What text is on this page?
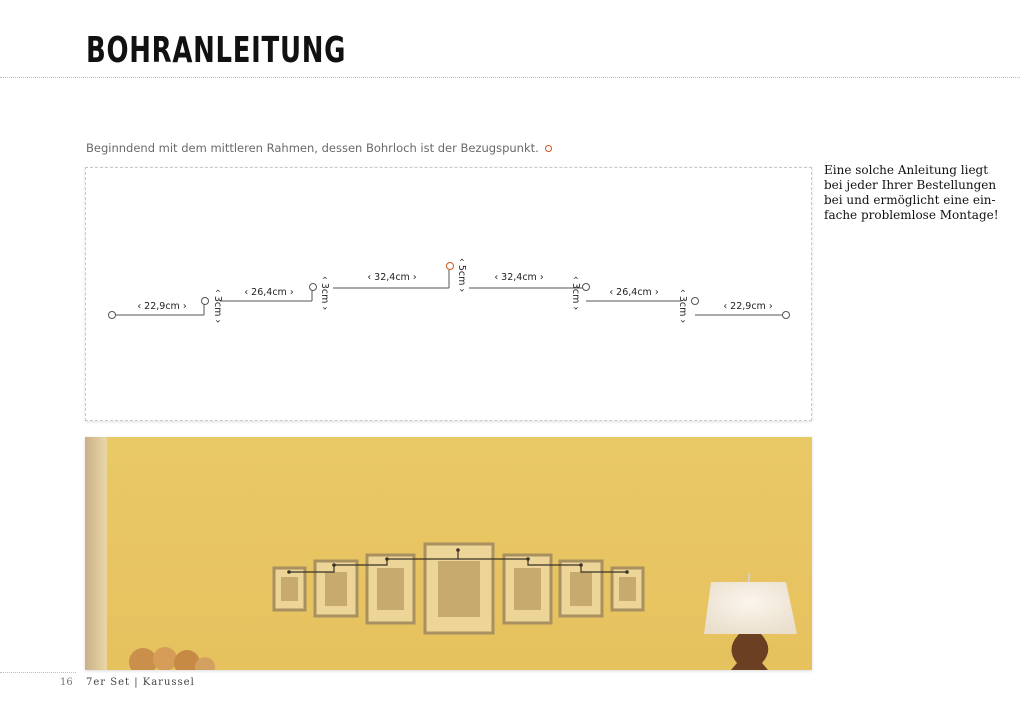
BOHRANLEITUNG
Beginndend mit dem mittleren Rahmen, dessen Bohrloch ist der Bezugspunkt.
‹ 22,9cm ›
‹ 26,4cm ›
‹ 32,4cm ›	‹ 32,4cm ›
‹ 26,4cm ›
‹ 22,9cm ›
‹ 3cm ›	‹ 3cm ›
‹ 5cm ›
‹ 3cm ›	‹ 3cm ›
Eine solche Anleitung liegt bei jeder Ihrer Bestellungen bei und ermöglicht eine ein-fache problemlose Montage!
16 7er Set | Karussel
